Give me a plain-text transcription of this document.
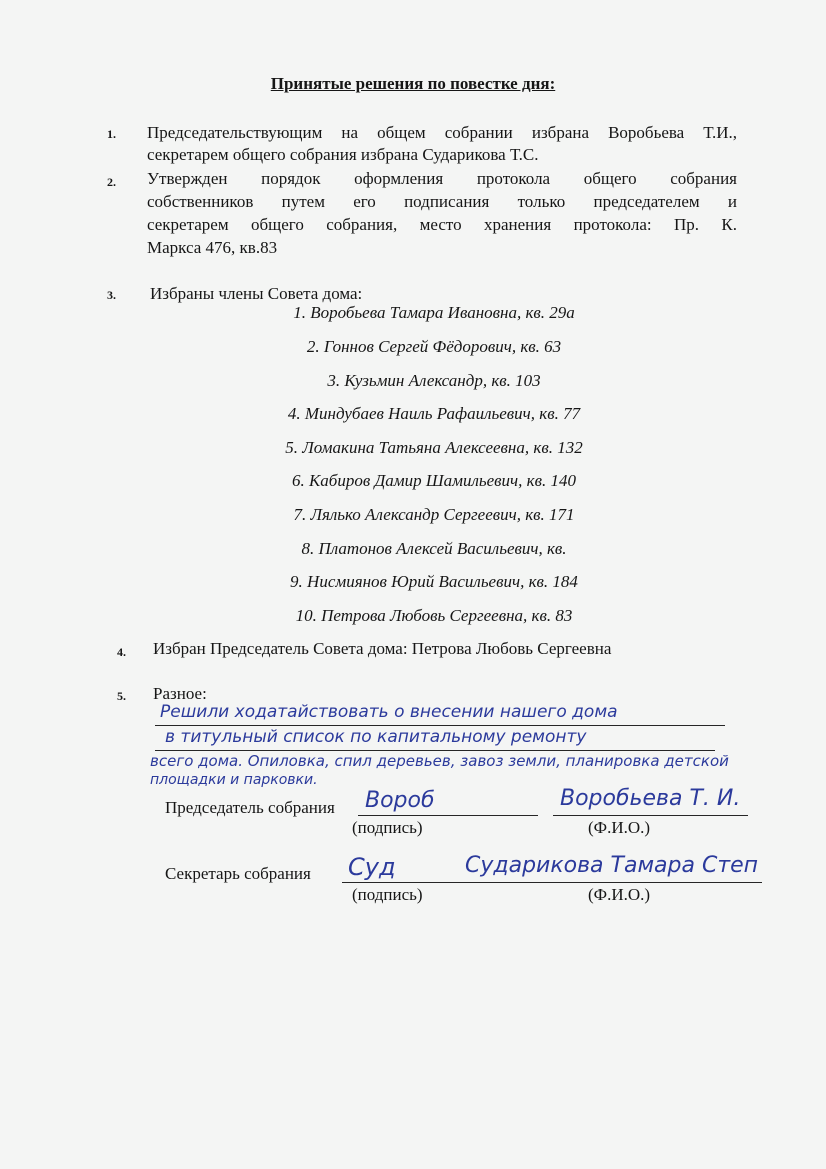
Принятые решения по повестке дня:
1. Председательствующим на общем собрании избрана Воробьева Т.И.,
секретарем общего собрания избрана Сударикова Т.С.
2. Утвержден порядок оформления протокола общего собрания
собственников путем его подписания только председателем и
секретарем общего собрания, место хранения протокола: Пр. К.
Маркса 476, кв.83
3. Избраны члены Совета дома:
1. Воробьева Тамара Ивановна, кв. 29а
2. Гоннов Сергей Фёдорович, кв. 63
3. Кузьмин Александр, кв. 103
4. Миндубаев Наиль Рафаильевич, кв. 77
5. Ломакина Татьяна Алексеевна, кв. 132
6. Кабиров Дамир Шамильевич, кв. 140
7. Лялько Александр Сергеевич, кв. 171
8. Платонов Алексей Васильевич, кв.
9. Нисмиянов Юрий Васильевич, кв. 184
10. Петрова Любовь Сергеевна, кв. 83
4. Избран Председатель Совета дома: Петрова Любовь Сергеевна
5. Разное:
Решили ходатайствовать о внесении нашего дома
в титульный список по капитальному ремонту
всего дома. Опиловка, спил деревьев, завоз земли, планировка детской
площадки и парковки.
Председатель собрания Вороб	Воробьева Т. И.
(подпись)	(Ф.И.О.)
Секретарь собрания Суд	Сударикова Тамара Степ
(подпись)	(Ф.И.О.)
